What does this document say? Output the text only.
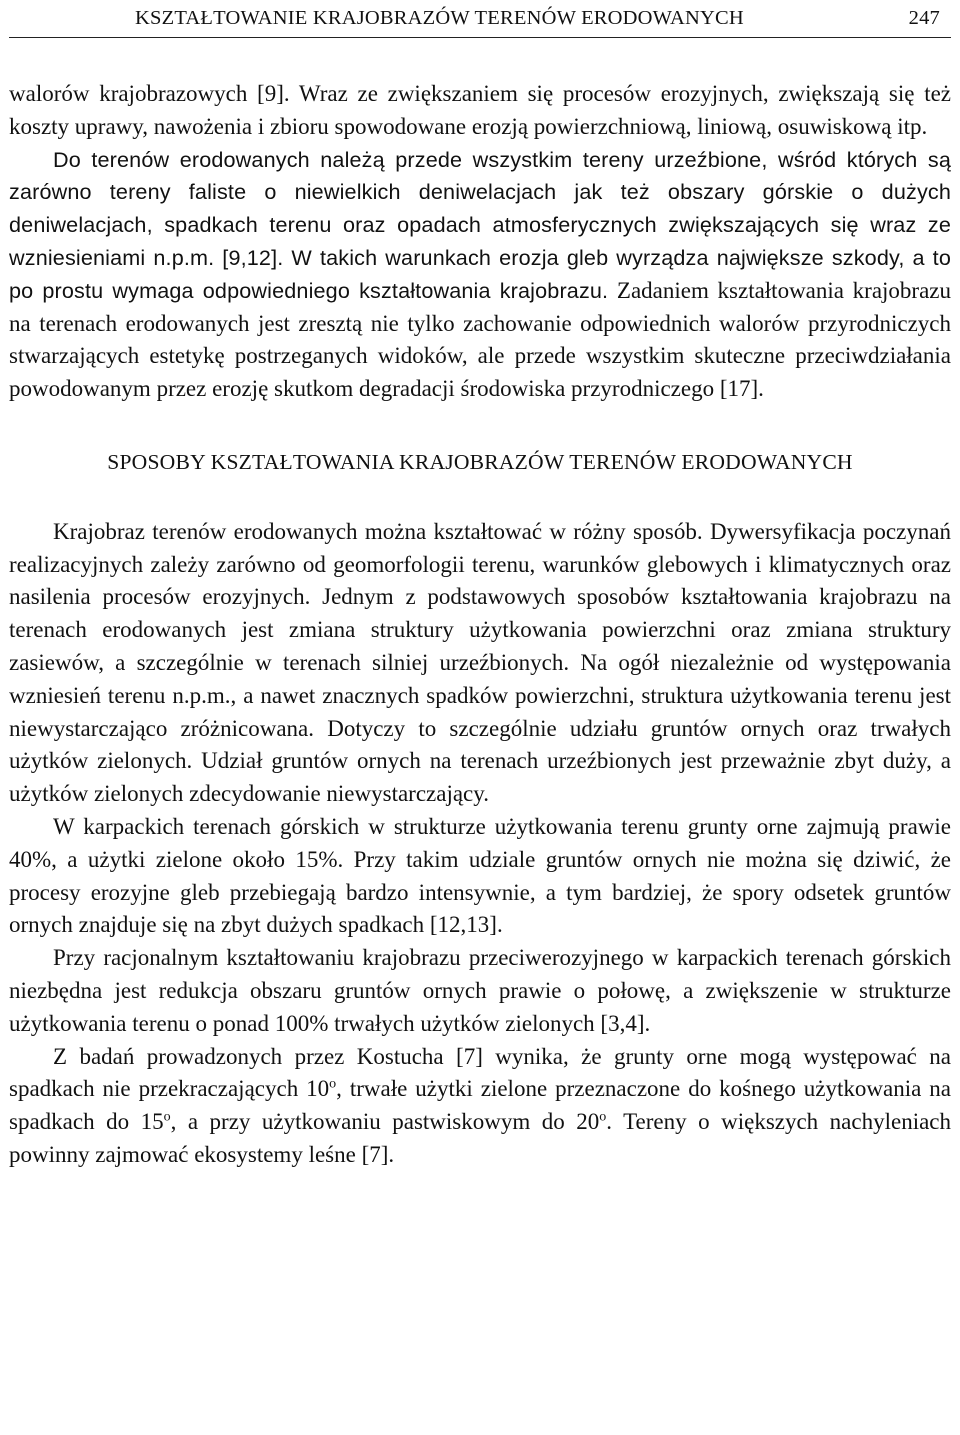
KSZTAŁTOWANIE KRAJOBRAZÓW TERENÓW ERODOWANYCH	247

walorów krajobrazowych [9]. Wraz ze zwiększaniem się procesów erozyjnych, zwiększają się też koszty uprawy, nawożenia i zbioru spowodowane erozją powierzchniową, liniową, osuwiskową itp.

Do terenów erodowanych należą przede wszystkim tereny urzeźbione, wśród których są zarówno tereny faliste o niewielkich deniwelacjach jak też obszary górskie o dużych deniwelacjach, spadkach terenu oraz opadach atmosferycznych zwiększających się wraz ze wzniesieniami n.p.m. [9,12]. W takich warunkach erozja gleb wyrządza największe szkody, a to po prostu wymaga odpowiedniego kształtowania krajobrazu. Zadaniem kształtowania krajobrazu na terenach erodowanych jest zresztą nie tylko zachowanie odpowiednich walorów przyrodniczych stwarzających estetykę postrzeganych widoków, ale przede wszystkim skuteczne przeciwdziałania powodowanym przez erozję skutkom degradacji środowiska przyrodniczego [17].

SPOSOBY KSZTAŁTOWANIA KRAJOBRAZÓW TERENÓW ERODOWANYCH

Krajobraz terenów erodowanych można kształtować w różny sposób. Dywersyfikacja poczynań realizacyjnych zależy zarówno od geomorfologii terenu, warunków glebowych i klimatycznych oraz nasilenia procesów erozyjnych. Jednym z podstawowych sposobów kształtowania krajobrazu na terenach erodowanych jest zmiana struktury użytkowania powierzchni oraz zmiana struktury zasiewów, a szczególnie w terenach silniej urzeźbionych. Na ogół niezależnie od występowania wzniesień terenu n.p.m., a nawet znacznych spadków powierzchni, struktura użytkowania terenu jest niewystarczająco zróżnicowana. Dotyczy to szczególnie udziału gruntów ornych oraz trwałych użytków zielonych. Udział gruntów ornych na terenach urzeźbionych jest przeważnie zbyt duży, a użytków zielonych zdecydowanie niewystarczający.

W karpackich terenach górskich w strukturze użytkowania terenu grunty orne zajmują prawie 40%, a użytki zielone około 15%. Przy takim udziale gruntów ornych nie można się dziwić, że procesy erozyjne gleb przebiegają bardzo intensywnie, a tym bardziej, że spory odsetek gruntów ornych znajduje się na zbyt dużych spadkach [12,13].

Przy racjonalnym kształtowaniu krajobrazu przeciwerozyjnego w karpackich terenach górskich niezbędna jest redukcja obszaru gruntów ornych prawie o połowę, a zwiększenie w strukturze użytkowania terenu o ponad 100% trwałych użytków zielonych [3,4].

Z badań prowadzonych przez Kostucha [7] wynika, że grunty orne mogą występować na spadkach nie przekraczających 10$^o$, trwałe użytki zielone przeznaczone do kośnego użytkowania na spadkach do 15$^o$, a przy użytkowaniu pastwiskowym do 20$^o$. Tereny o większych nachyleniach powinny zajmować ekosystemy leśne [7].
